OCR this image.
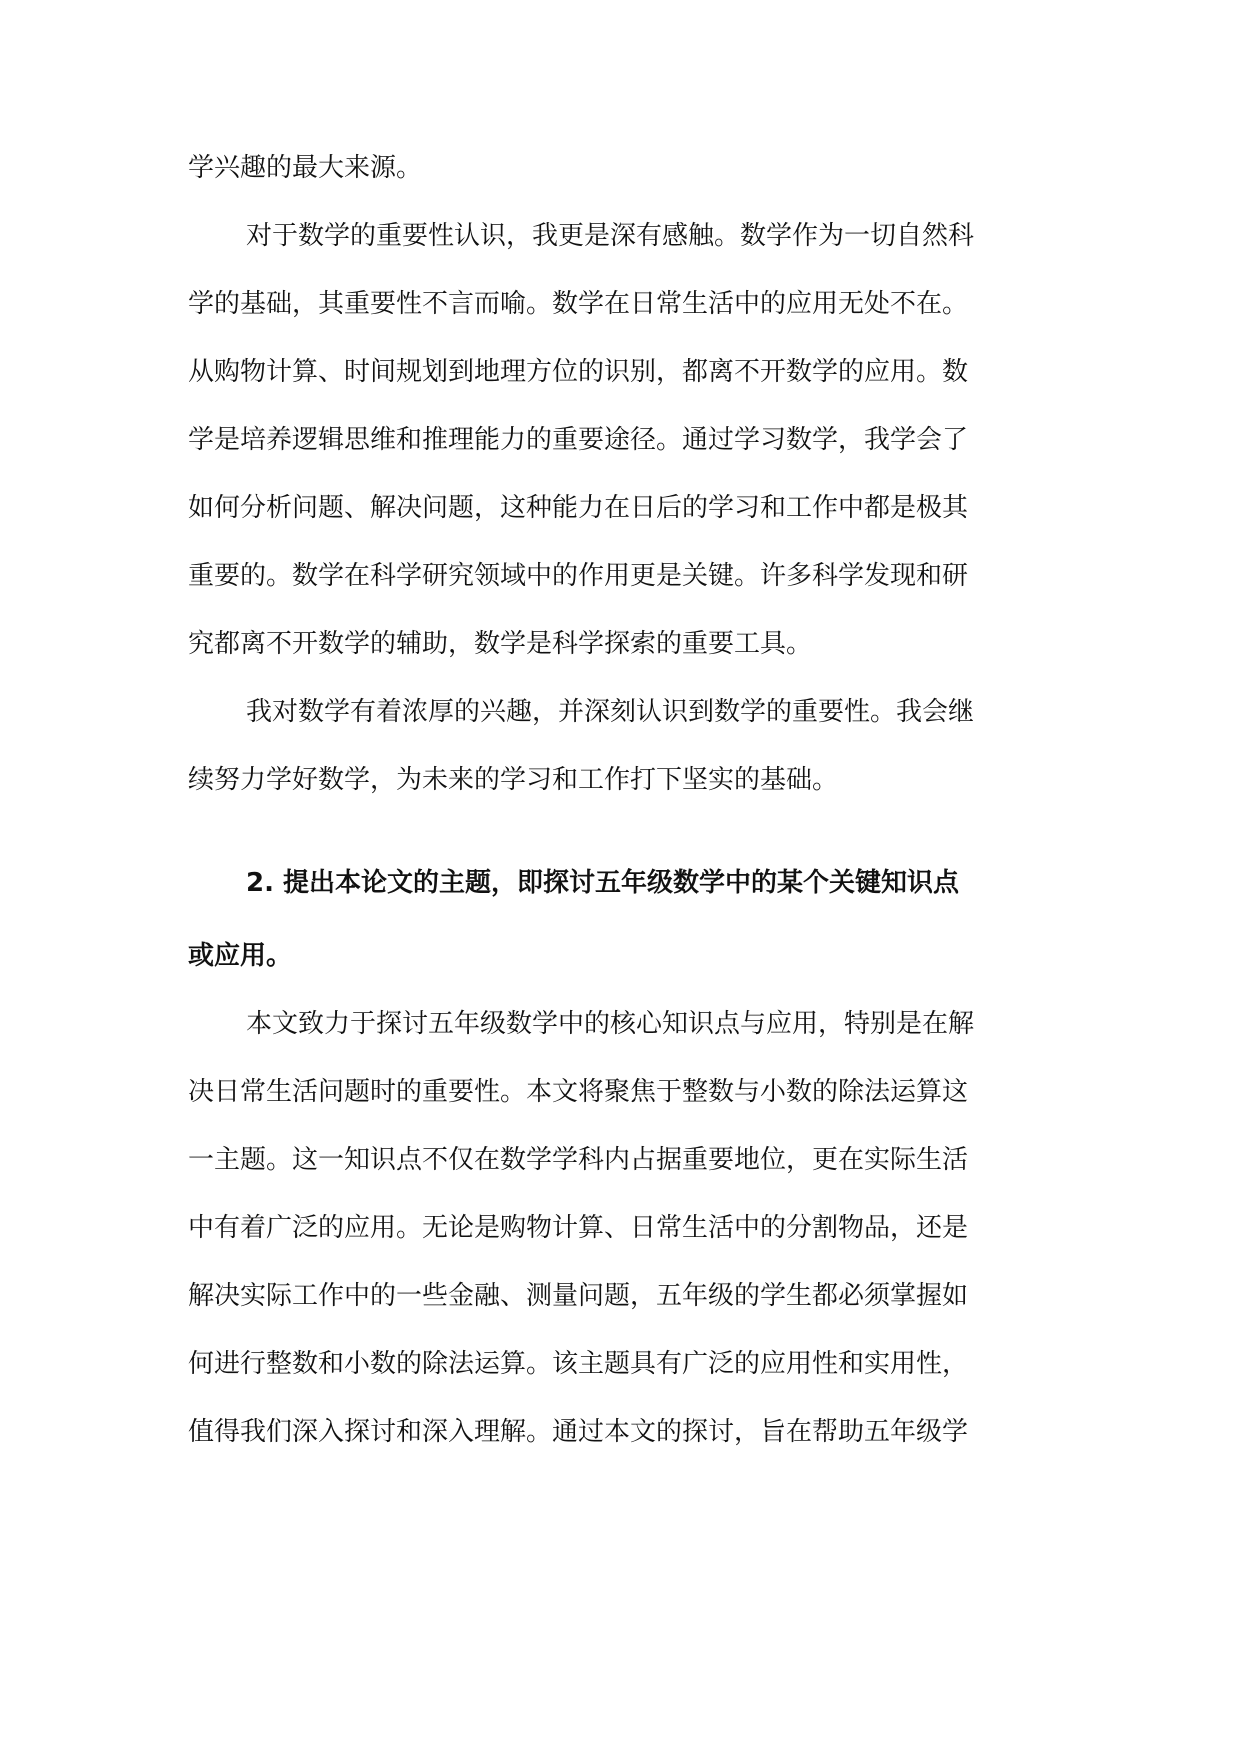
学兴趣的最大来源。

对于数学的重要性认识，我更是深有感触。数学作为一切自然科

学的基础，其重要性不言而喻。数学在日常生活中的应用无处不在。

从购物计算、时间规划到地理方位的识别，都离不开数学的应用。数

学是培养逻辑思维和推理能力的重要途径。通过学习数学，我学会了

如何分析问题、解决问题，这种能力在日后的学习和工作中都是极其

重要的。数学在科学研究领域中的作用更是关键。许多科学发现和研

究都离不开数学的辅助，数学是科学探索的重要工具。

我对数学有着浓厚的兴趣，并深刻认识到数学的重要性。我会继

续努力学好数学，为未来的学习和工作打下坚实的基础。

2. 提出本论文的主题，即探讨五年级数学中的某个关键知识点

或应用。

本文致力于探讨五年级数学中的核心知识点与应用，特别是在解

决日常生活问题时的重要性。本文将聚焦于整数与小数的除法运算这

一主题。这一知识点不仅在数学学科内占据重要地位，更在实际生活

中有着广泛的应用。无论是购物计算、日常生活中的分割物品，还是

解决实际工作中的一些金融、测量问题，五年级的学生都必须掌握如

何进行整数和小数的除法运算。该主题具有广泛的应用性和实用性，

值得我们深入探讨和深入理解。通过本文的探讨，旨在帮助五年级学
